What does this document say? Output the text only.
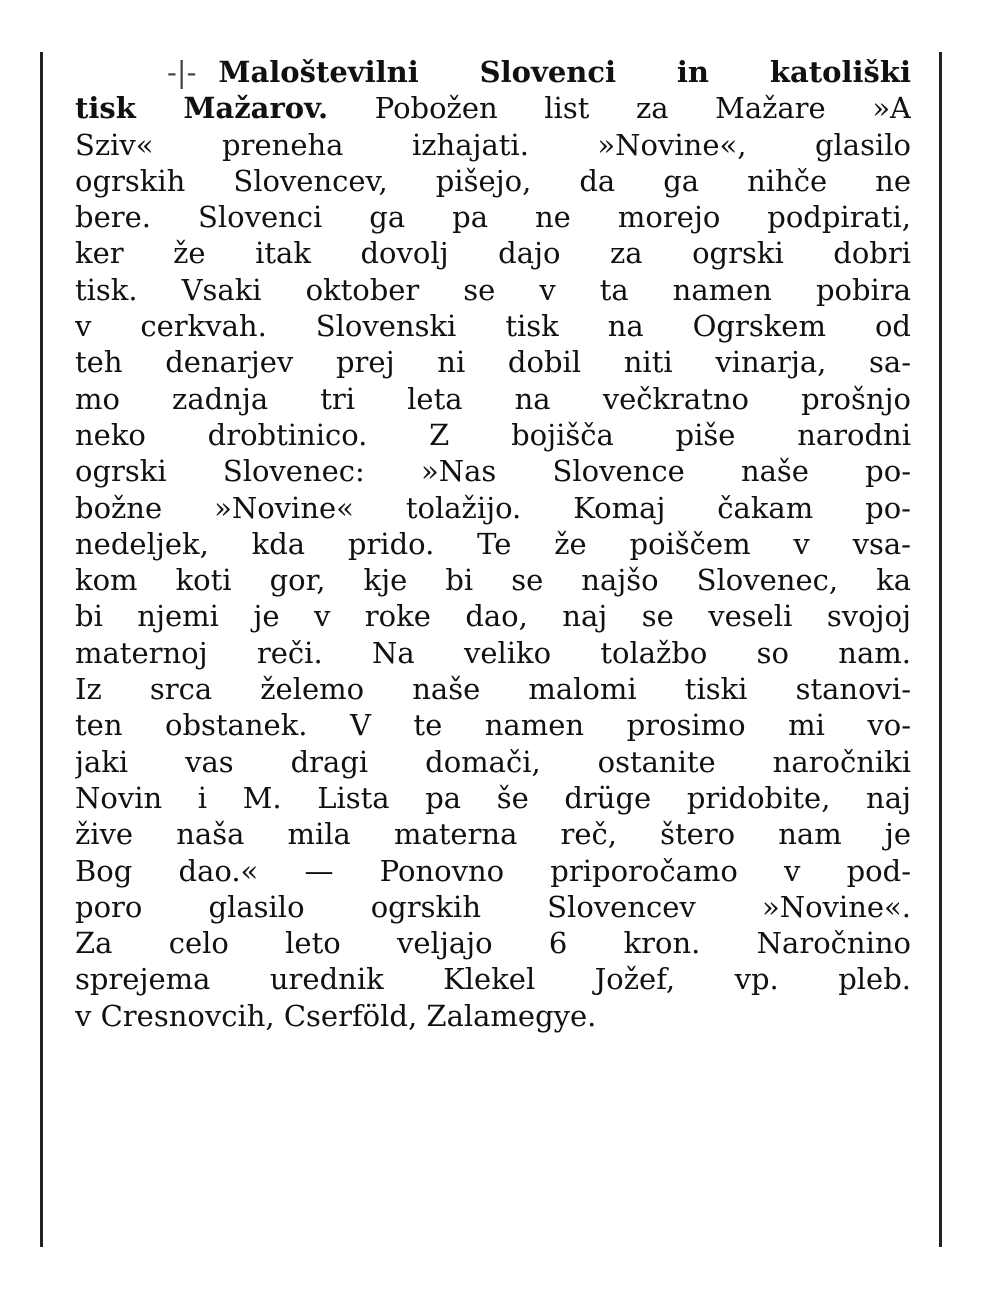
-|- Maloštevilni Slovenci in katoliški
tisk Mažarov. Pobožen list za Mažare »A
Sziv« preneha izhajati. »Novine«, glasilo
ogrskih Slovencev, pišejo, da ga nihče ne
bere. Slovenci ga pa ne morejo podpirati,
ker že itak dovolj dajo za ogrski dobri
tisk. Vsaki oktober se v ta namen pobira
v cerkvah. Slovenski tisk na Ogrskem od
teh denarjev prej ni dobil niti vinarja, sa-
mo zadnja tri leta na večkratno prošnjo
neko drobtinico. Z bojišča piše narodni
ogrski Slovenec: »Nas Slovence naše po-
božne »Novine« tolažijo. Komaj čakam po-
nedeljek, kda prido. Te že poiščem v vsa-
kom koti gor, kje bi se najšo Slovenec, ka
bi njemi je v roke dao, naj se veseli svojoj
maternoj reči. Na veliko tolažbo so nam.
Iz srca želemo naše malomi tiski stanovi-
ten obstanek. V te namen prosimo mi vo-
jaki vas dragi domači, ostanite naročniki
Novin i M. Lista pa še drüge pridobite, naj
žive naša mila materna reč, štero nam je
Bog dao.« — Ponovno priporočamo v pod-
poro glasilo ogrskih Slovencev »Novine«.
Za celo leto veljajo 6 kron. Naročnino
sprejema urednik Klekel Jožef, vp. pleb.
v Cresnovcih, Cserföld, Zalamegye.
